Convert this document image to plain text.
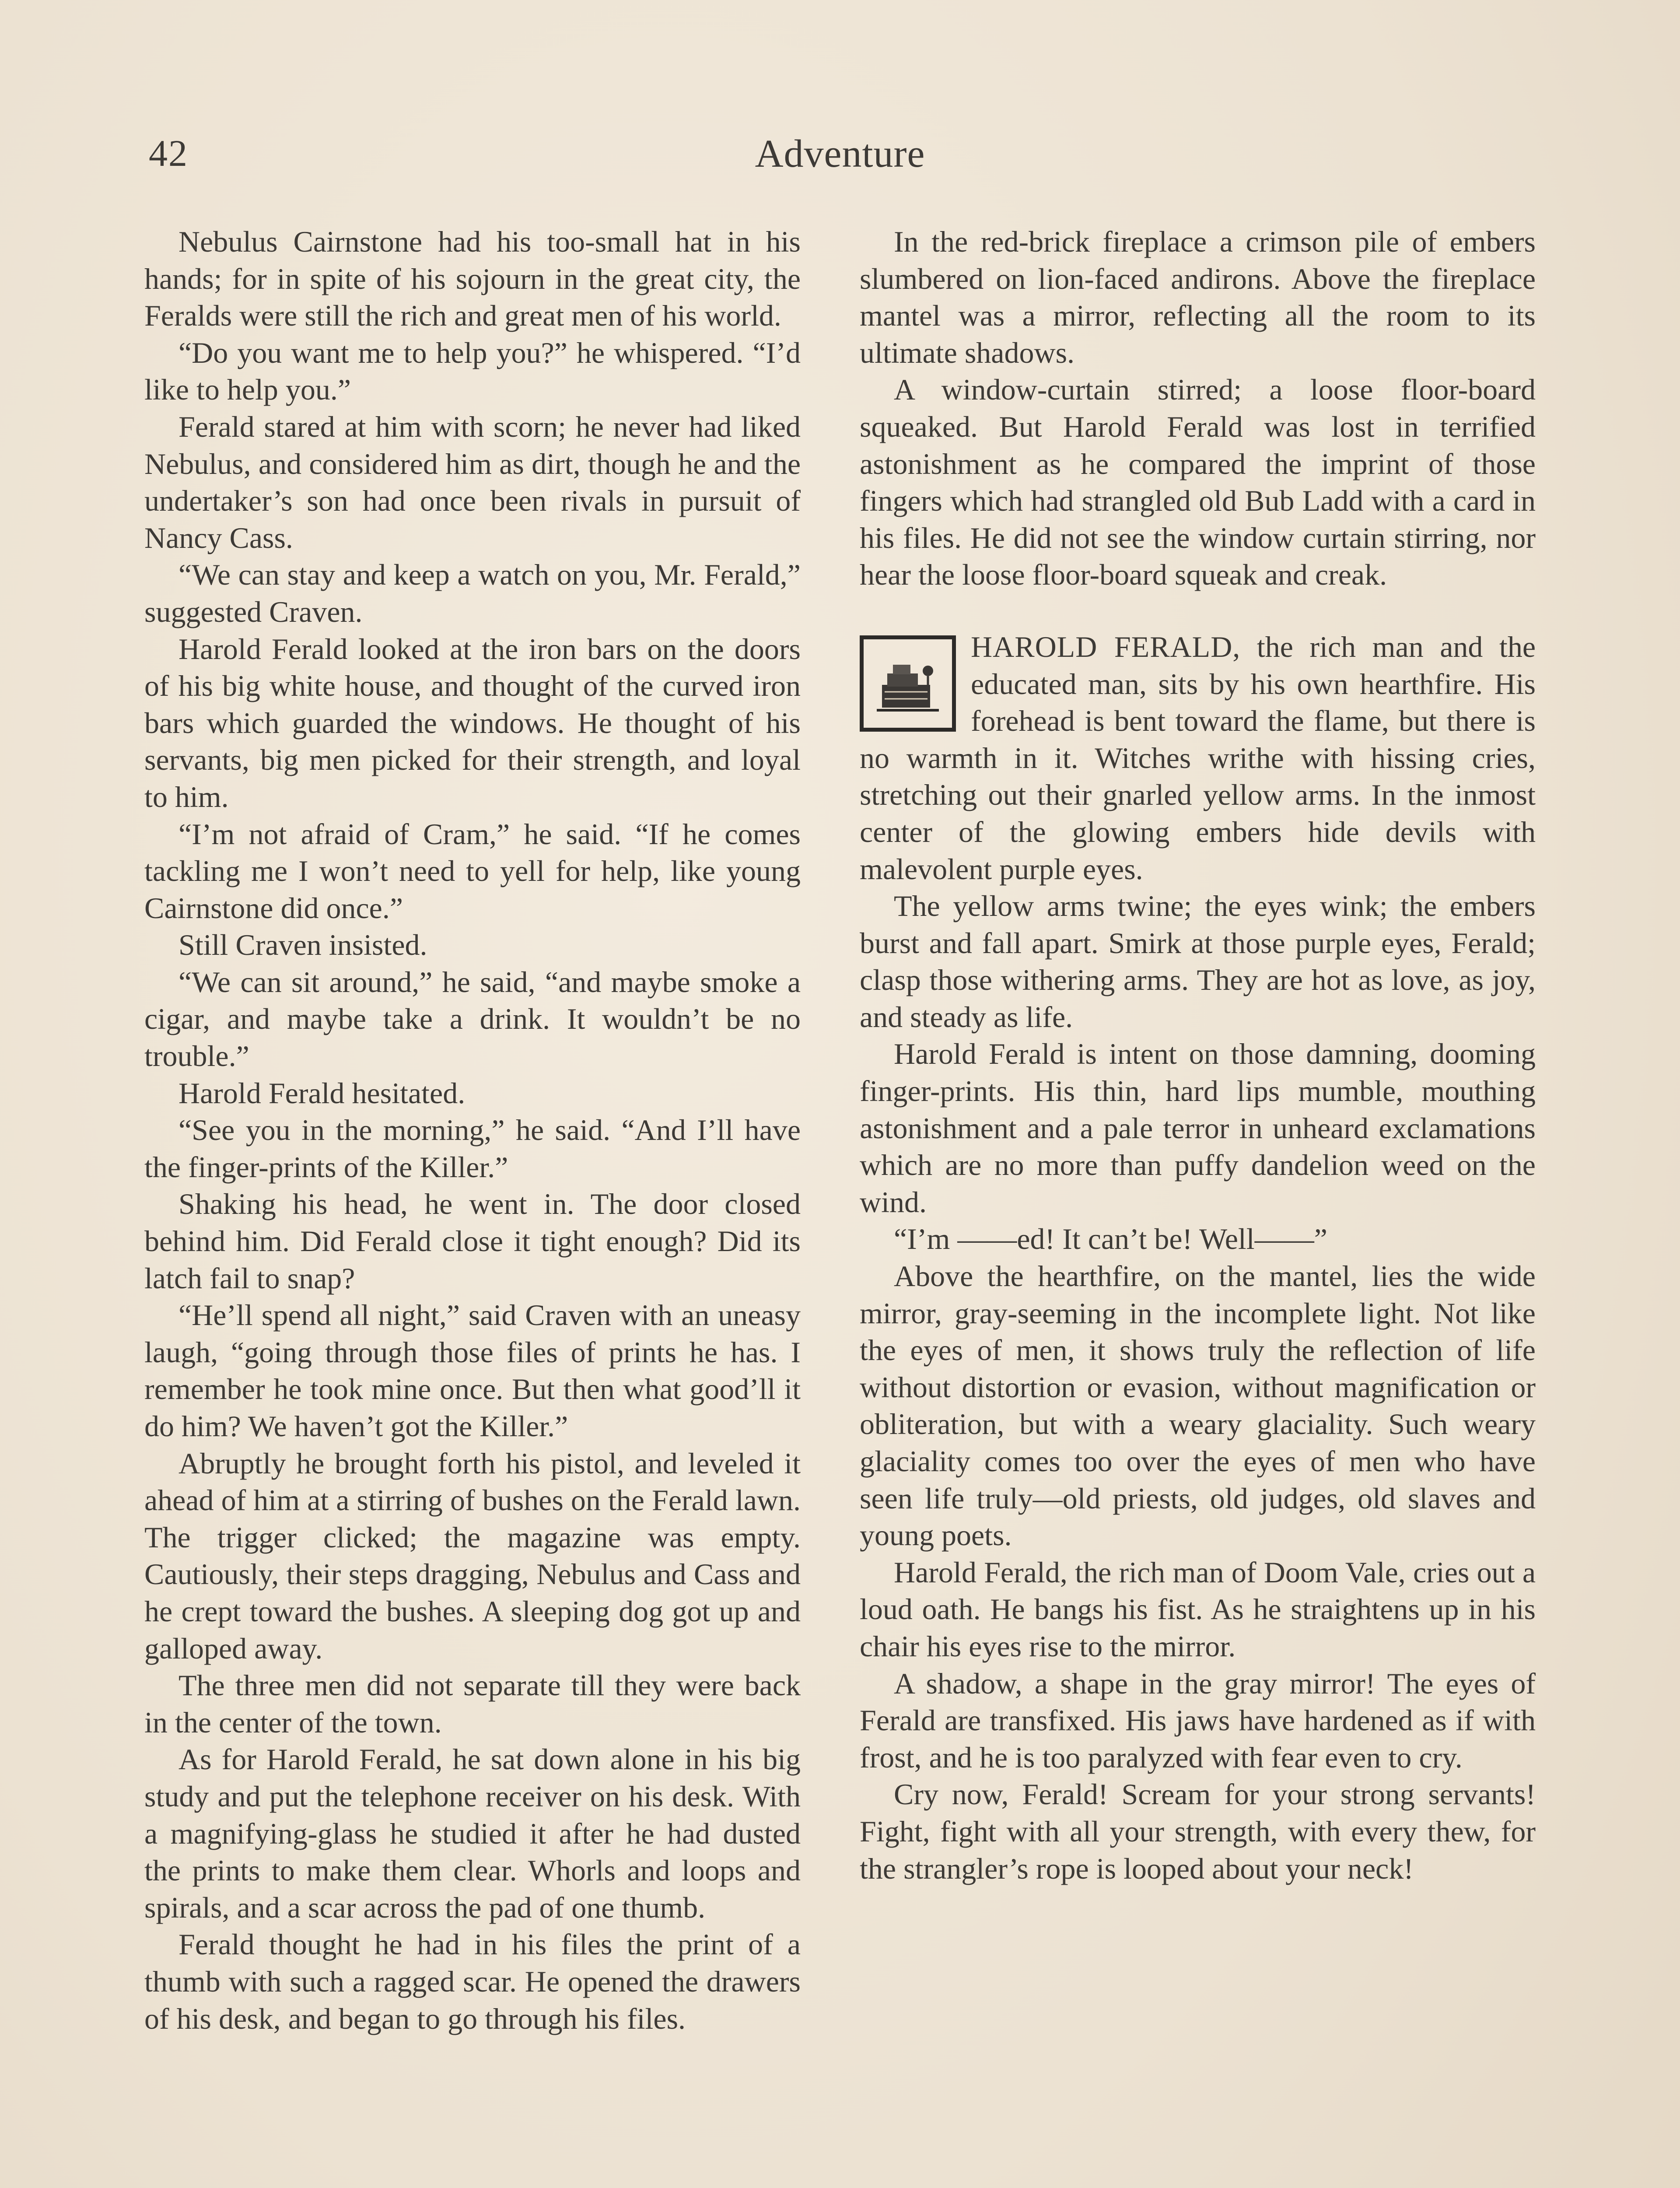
42	Adventure

Nebulus Cairnstone had his too-small hat in his hands; for in spite of his sojourn in the great city, the Feralds were still the rich and great men of his world.

“Do you want me to help you?” he whispered. “I’d like to help you.”

Ferald stared at him with scorn; he never had liked Nebulus, and considered him as dirt, though he and the undertaker’s son had once been rivals in pursuit of Nancy Cass.

“We can stay and keep a watch on you, Mr. Ferald,” suggested Craven.

Harold Ferald looked at the iron bars on the doors of his big white house, and thought of the curved iron bars which guarded the windows. He thought of his servants, big men picked for their strength, and loyal to him.

“I’m not afraid of Cram,” he said. “If he comes tackling me I won’t need to yell for help, like young Cairnstone did once.”

Still Craven insisted.

“We can sit around,” he said, “and maybe smoke a cigar, and maybe take a drink. It wouldn’t be no trouble.”

Harold Ferald hesitated.

“See you in the morning,” he said. “And I’ll have the finger-prints of the Killer.”

Shaking his head, he went in. The door closed behind him. Did Ferald close it tight enough? Did its latch fail to snap?

“He’ll spend all night,” said Craven with an uneasy laugh, “going through those files of prints he has. I remember he took mine once. But then what good’ll it do him? We haven’t got the Killer.”

Abruptly he brought forth his pistol, and leveled it ahead of him at a stirring of bushes on the Ferald lawn. The trigger clicked; the magazine was empty. Cautiously, their steps dragging, Nebulus and Cass and he crept toward the bushes. A sleeping dog got up and galloped away.

The three men did not separate till they were back in the center of the town.

As for Harold Ferald, he sat down alone in his big study and put the telephone receiver on his desk. With a magnifying-glass he studied it after he had dusted the prints to make them clear. Whorls and loops and spirals, and a scar across the pad of one thumb.

Ferald thought he had in his files the print of a thumb with such a ragged scar. He opened the drawers of his desk, and began to go through his files.

In the red-brick fireplace a crimson pile of embers slumbered on lion-faced andirons. Above the fireplace mantel was a mirror, reflecting all the room to its ultimate shadows.

A window-curtain stirred; a loose floor-board squeaked. But Harold Ferald was lost in terrified astonishment as he compared the imprint of those fingers which had strangled old Bub Ladd with a card in his files. He did not see the window curtain stirring, nor hear the loose floor-board squeak and creak.

HAROLD FERALD, the rich man and the educated man, sits by his own hearthfire. His forehead is bent toward the flame, but there is no warmth in it. Witches writhe with hissing cries, stretching out their gnarled yellow arms. In the inmost center of the glowing embers hide devils with malevolent purple eyes.

The yellow arms twine; the eyes wink; the embers burst and fall apart. Smirk at those purple eyes, Ferald; clasp those withering arms. They are hot as love, as joy, and steady as life.

Harold Ferald is intent on those damning, dooming finger-prints. His thin, hard lips mumble, mouthing astonishment and a pale terror in unheard exclamations which are no more than puffy dandelion weed on the wind.

“I’m ——ed! It can’t be! Well——”

Above the hearthfire, on the mantel, lies the wide mirror, gray-seeming in the incomplete light. Not like the eyes of men, it shows truly the reflection of life without distortion or evasion, without magnification or obliteration, but with a weary glaciality. Such weary glaciality comes too over the eyes of men who have seen life truly—old priests, old judges, old slaves and young poets.

Harold Ferald, the rich man of Doom Vale, cries out a loud oath. He bangs his fist. As he straightens up in his chair his eyes rise to the mirror.

A shadow, a shape in the gray mirror! The eyes of Ferald are transfixed. His jaws have hardened as if with frost, and he is too paralyzed with fear even to cry.

Cry now, Ferald! Scream for your strong servants! Fight, fight with all your strength, with every thew, for the strangler’s rope is looped about your neck!
